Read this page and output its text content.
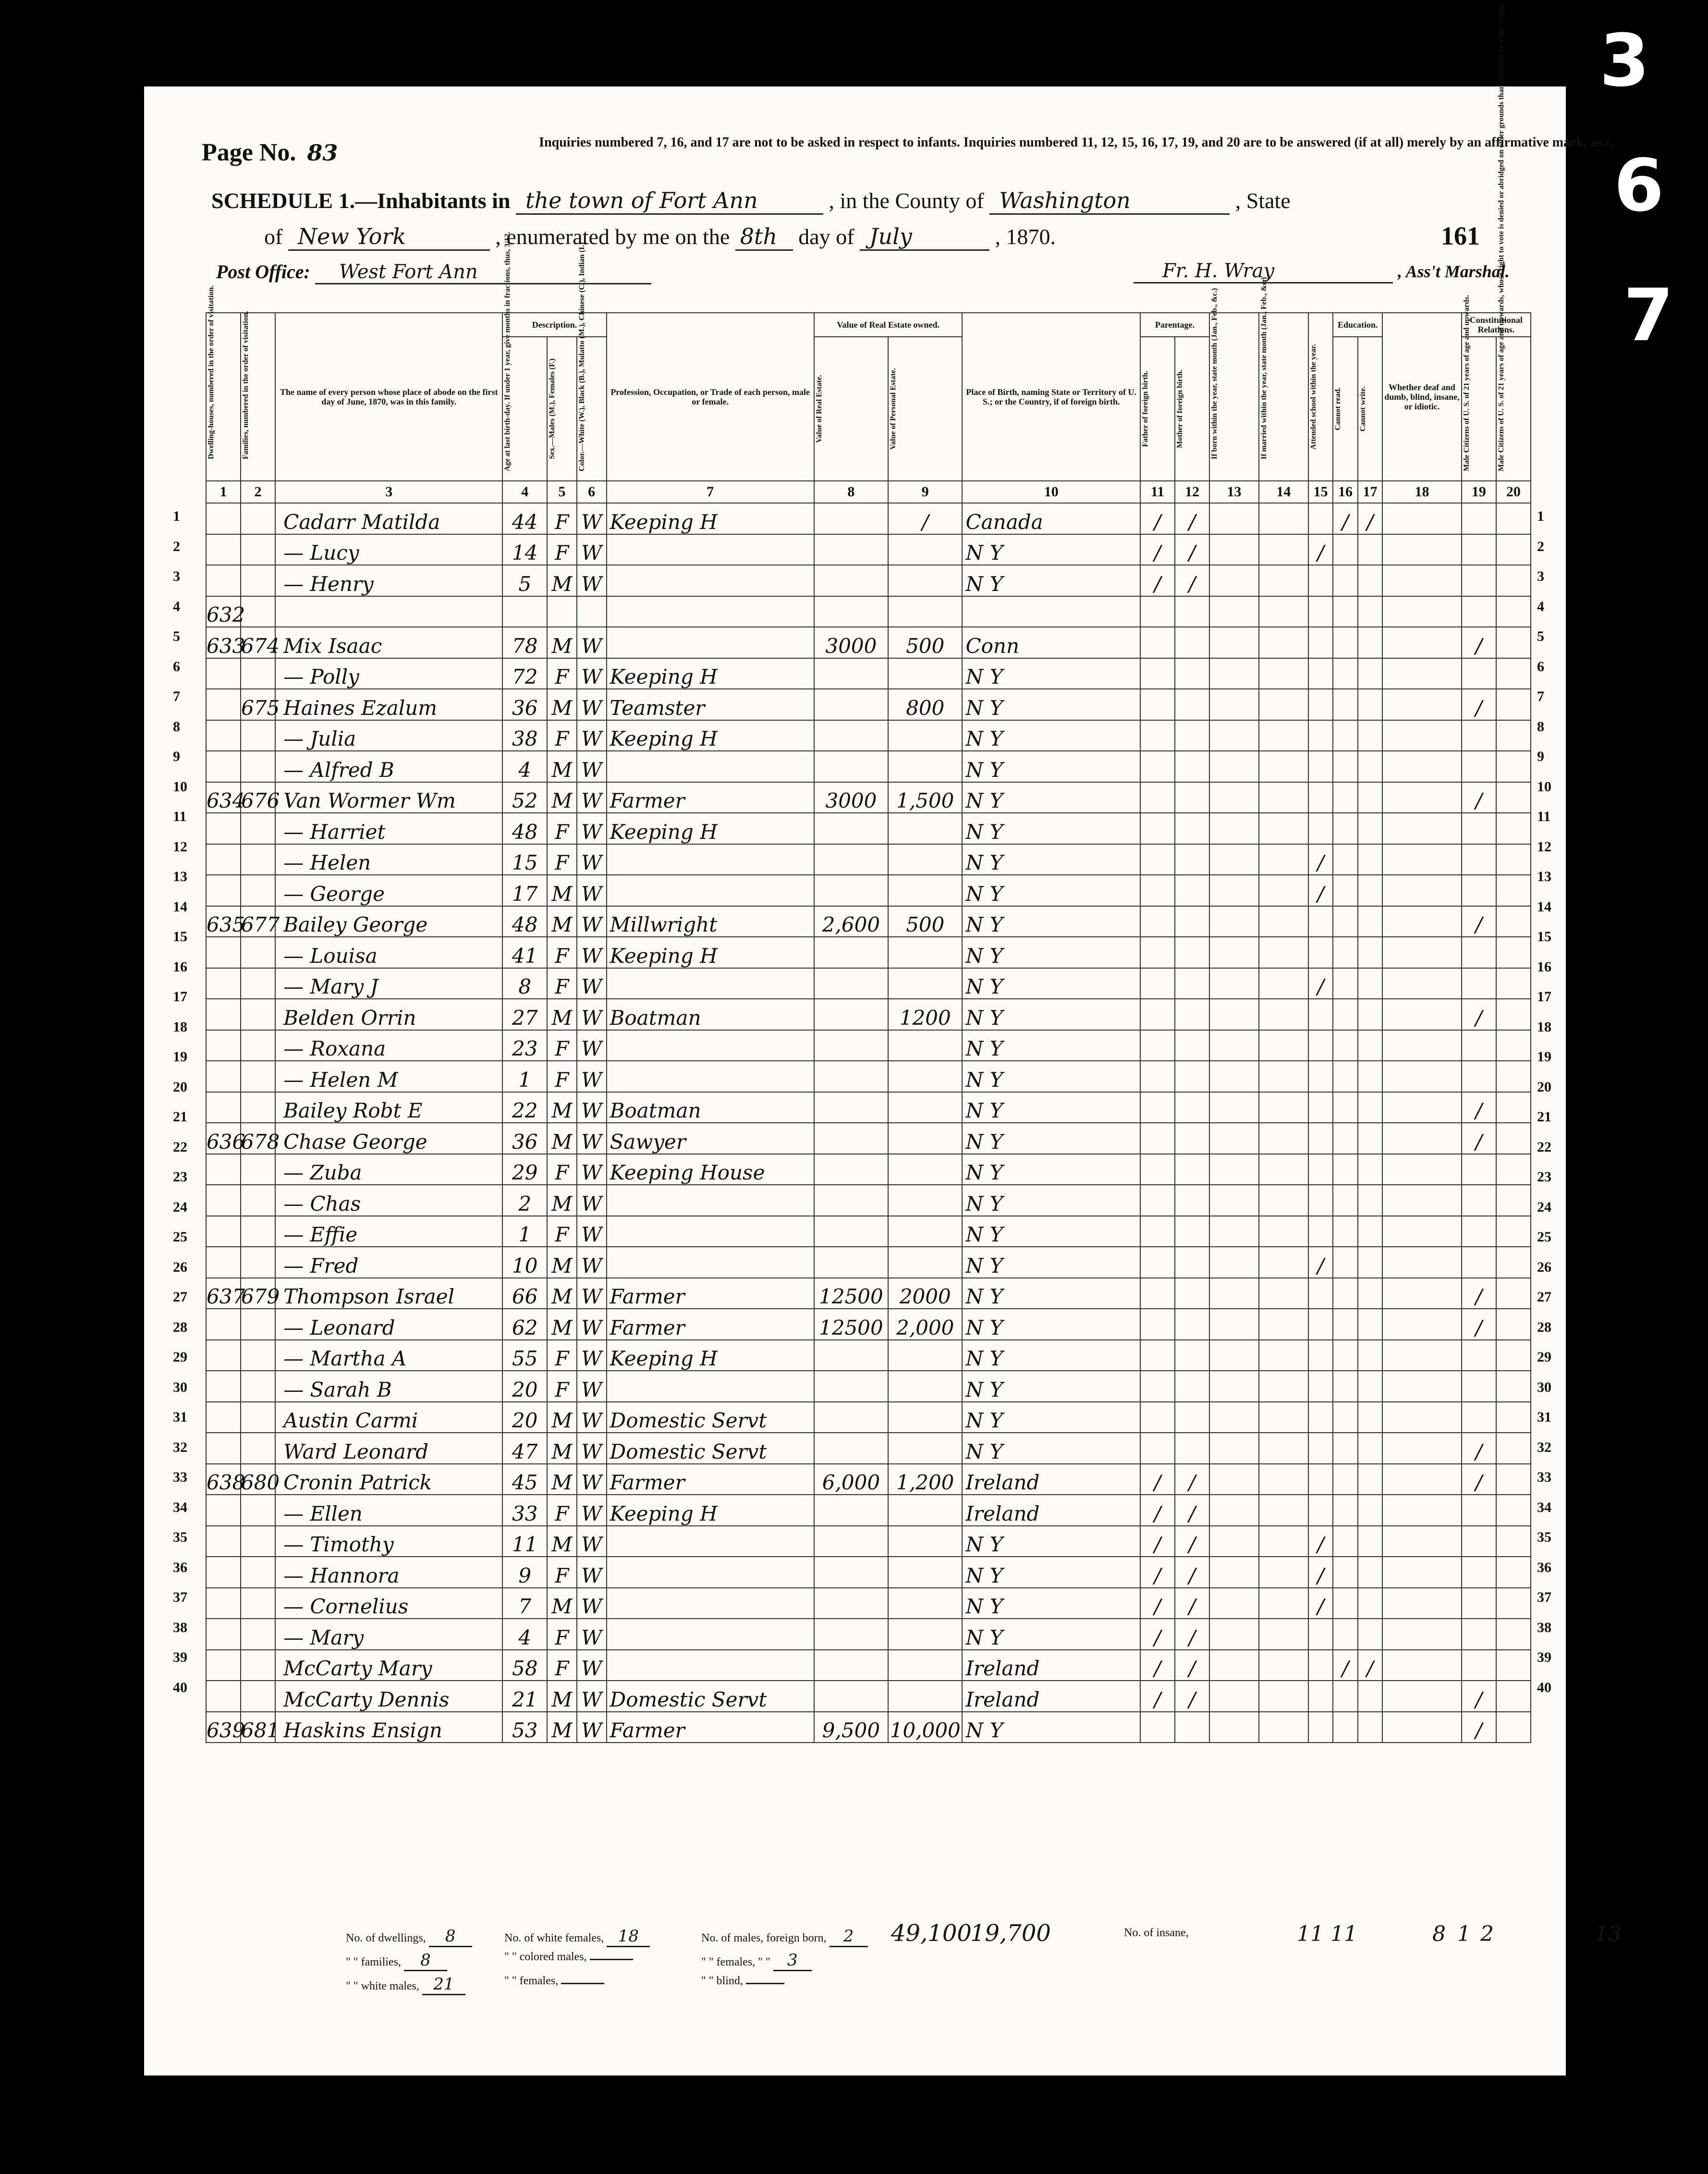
Page No. 83	Inquiries numbered 7, 16, and 17 are not to be asked in respect to infants. Inquiries numbered 11, 12, 15, 16, 17, 19, and 20 are to be answered (if at all) merely by an affirmative mark, as /.
SCHEDULE 1.—Inhabitants in the town of Fort Ann	, in the County of Washington	, State
of New York	, enumerated by me on the 8th day of July	, 1870.	161
Post Office: West Fort Ann	Fr. H. Wray	, Ass't Marshal.
1
2
3
4
5
6
7
8
9
10
11
12
13
14
15
16
17
18
19
20
21
22
23
24
25
26
27
28
29
30
31
32
33
34
35
36
37
38
39
40
1
2
3
4
5
6
7
8
9
10
11
12
13
14
15
16
17
18
19
20
21
22
23
24
25
26
27
28
29
30
31
32
33
34
35
36
37
38
39
40
Dwelling-houses, numbered in the order of visitation.	Families, numbered in the order of visitation.	The name of every person whose place of abode on the first day of June, 1870, was in this family.	Description.			Profession, Occupation, or Trade of each person, male or female.	Value of Real Estate owned.		Place of Birth, naming State or Territory of U. S.; or the Country, if of foreign birth.	Parentage.		If born within the year, state month (Jan., Feb., &c.)	If married within the year, state month (Jan., Feb., &c.)	Attended school within the year.	Education.		Whether deaf and dumb, blind, insane, or idiotic.	Constitutional Relations.	

			Age at last birth-day. If under 1 year, give months in fractions, thus, 3/12.	Sex.—Males (M.), Females (F.)	Color.—White (W.), Black (B.), Mulatto (M.), Chinese (C.), Indian (I.)		Value of Real Estate.	Value of Personal Estate.		Father of foreign birth.	Mother of foreign birth.				Cannot read.	Cannot write.		Male Citizens of U. S. of 21 years of age and upwards.	Male Citizens of U. S. of 21 years of age and upwards, whose right to vote is denied or abridged on other grounds than rebellion or other crime.

1	2	3	4	5	6	7	8	9	10	11	12	13	14	15	16	17	18	19	20
		Cadarr Matilda	44	F	W	Keeping H		/	Canada	/	/				/	/			
		— Lucy	14	F	W				N Y	/	/			/					
		— Henry	5	M	W				N Y	/	/								
632																			
633	674	Mix Isaac	78	M	W		3000	500	Conn									/	
		— Polly	72	F	W	Keeping H			N Y										
	675	Haines Ezalum	36	M	W	Teamster		800	N Y									/	
		— Julia	38	F	W	Keeping H			N Y										
		— Alfred B	4	M	W				N Y										
634	676	Van Wormer Wm	52	M	W	Farmer	3000	1,500	N Y									/	
		— Harriet	48	F	W	Keeping H			N Y										
		— Helen	15	F	W				N Y					/					
		— George	17	M	W				N Y					/					
635	677	Bailey George	48	M	W	Millwright	2,600	500	N Y									/	
		— Louisa	41	F	W	Keeping H			N Y										
		— Mary J	8	F	W				N Y					/					
		Belden Orrin	27	M	W	Boatman		1200	N Y									/	
		— Roxana	23	F	W				N Y										
		— Helen M	1	F	W				N Y										
		Bailey Robt E	22	M	W	Boatman			N Y									/	
636	678	Chase George	36	M	W	Sawyer			N Y									/	
		— Zuba	29	F	W	Keeping House			N Y										
		— Chas	2	M	W				N Y										
		— Effie	1	F	W				N Y										
		— Fred	10	M	W				N Y					/					
637	679	Thompson Israel	66	M	W	Farmer	12500	2000	N Y									/	
		— Leonard	62	M	W	Farmer	12500	2,000	N Y									/	
		— Martha A	55	F	W	Keeping H			N Y										
		— Sarah B	20	F	W				N Y										
		Austin Carmi	20	M	W	Domestic Servt			N Y										
		Ward Leonard	47	M	W	Domestic Servt			N Y									/	
638	680	Cronin Patrick	45	M	W	Farmer	6,000	1,200	Ireland	/	/							/	
		— Ellen	33	F	W	Keeping H			Ireland	/	/								
		— Timothy	11	M	W				N Y	/	/			/					
		— Hannora	9	F	W				N Y	/	/			/					
		— Cornelius	7	M	W				N Y	/	/			/					
		— Mary	4	F	W				N Y	/	/								
		McCarty Mary	58	F	W				Ireland	/	/				/	/			
		McCarty Dennis	21	M	W	Domestic Servt			Ireland	/	/							/	
639	681	Haskins Ensign	53	M	W	Farmer	9,500	10,000	N Y									/	
No. of dwellings, 8	No. of white females, 18	No. of males, foreign born, 2	49,100
19,700	No. of insane,	11 11	8 1 2	13
" " families, 8	" " colored males,	" " females, " " 3
" " white males, 21	" " females,	" " blind,
3
6
7
